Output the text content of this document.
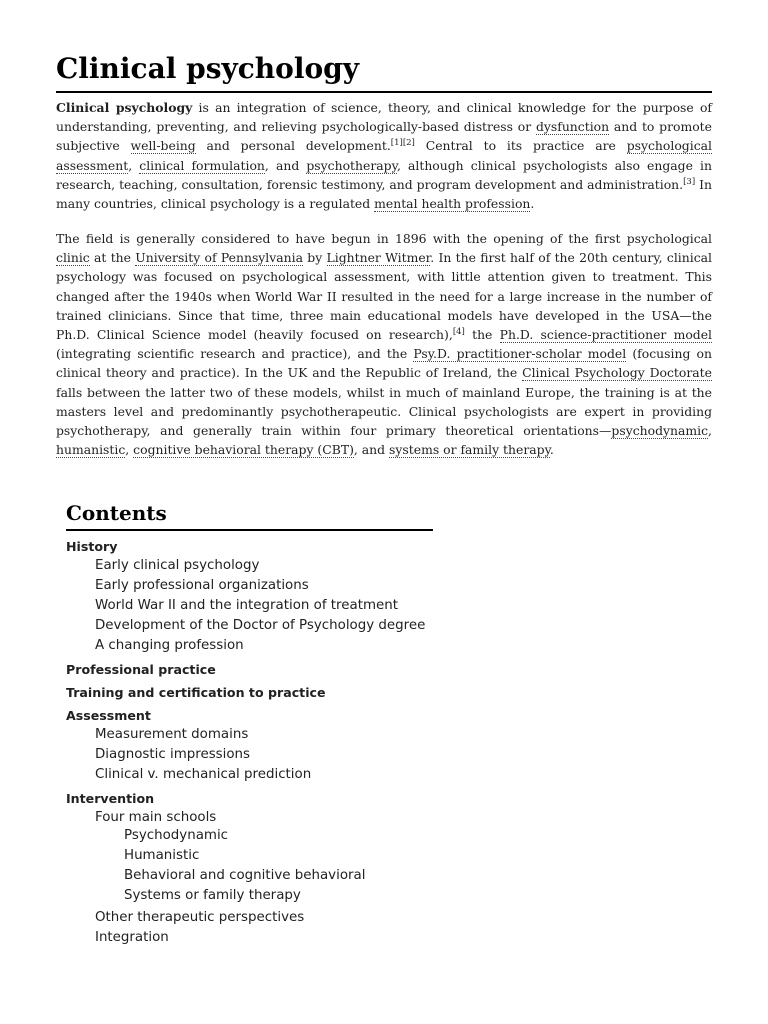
Clinical psychology

Clinical psychology is an integration of science, theory, and clinical knowledge for the purpose of understanding, preventing, and relieving psychologically-based distress or dysfunction and to promote subjective well-being and personal development.[1][2] Central to its practice are psychological assessment, clinical formulation, and psychotherapy, although clinical psychologists also engage in research, teaching, consultation, forensic testimony, and program development and administration.[3] In many countries, clinical psychology is a regulated mental health profession.

The field is generally considered to have begun in 1896 with the opening of the first psychological clinic at the University of Pennsylvania by Lightner Witmer. In the first half of the 20th century, clinical psychology was focused on psychological assessment, with little attention given to treatment. This changed after the 1940s when World War II resulted in the need for a large increase in the number of trained clinicians. Since that time, three main educational models have developed in the USA—the Ph.D. Clinical Science model (heavily focused on research),[4] the Ph.D. science-practitioner model (integrating scientific research and practice), and the Psy.D. practitioner-scholar model (focusing on clinical theory and practice). In the UK and the Republic of Ireland, the Clinical Psychology Doctorate falls between the latter two of these models, whilst in much of mainland Europe, the training is at the masters level and predominantly psychotherapeutic. Clinical psychologists are expert in providing psychotherapy, and generally train within four primary theoretical orientations—psychodynamic, humanistic, cognitive behavioral therapy (CBT), and systems or family therapy.

Contents
History
Early clinical psychology
Early professional organizations
World War II and the integration of treatment
Development of the Doctor of Psychology degree
A changing profession
Professional practice
Training and certification to practice
Assessment
Measurement domains
Diagnostic impressions
Clinical v. mechanical prediction
Intervention
Four main schools
Psychodynamic
Humanistic
Behavioral and cognitive behavioral
Systems or family therapy
Other therapeutic perspectives
Integration
